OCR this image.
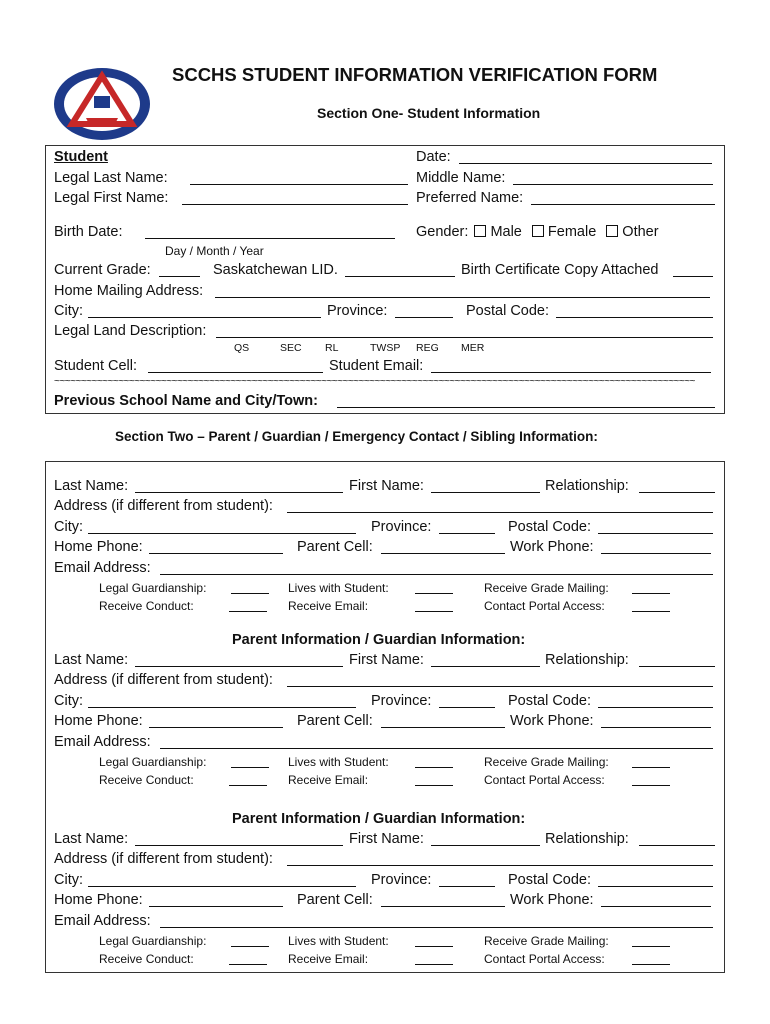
SCCHS STUDENT INFORMATION VERIFICATION FORM
Section One- Student Information
Student	Date:
Legal Last Name:	Middle Name:
Legal First Name:	Preferred Name:
Birth Date:
Day / Month / Year
Gender: Male Female Other
Current Grade:	Saskatchewan LID.	Birth Certificate Copy Attached
Home Mailing Address:
City:	Province:	Postal Code:
Legal Land Description:
QS	SEC RL	TWSP REG MER
Student Cell:	Student Email:
~~~~~~~~~~~~~~~~~~~~~~~~~~~~~~~~~~~~~~~~~~~~~~~~~~~~~~~~~~~~~~~~~~~~~~~~~~~~~~~~~~~~~~~~~~~~~~~~~~~~~~~~~~~~~~~~~~~~~~~~
Previous School Name and City/Town:
Section Two – Parent / Guardian / Emergency Contact / Sibling Information:
Last Name:	First Name:	Relationship:
Address (if different from student):
City:	Province:	Postal Code:
Home Phone:	Parent Cell:	Work Phone:
Email Address:
Legal Guardianship:	Lives with Student:	Receive Grade Mailing:
Receive Conduct:	Receive Email:	Contact Portal Access:
Parent Information / Guardian Information:
Last Name:	First Name:	Relationship:
Address (if different from student):
City:	Province:	Postal Code:
Home Phone:	Parent Cell:	Work Phone:
Email Address:
Legal Guardianship:	Lives with Student:	Receive Grade Mailing:
Receive Conduct:	Receive Email:	Contact Portal Access:
Parent Information / Guardian Information:
Last Name:	First Name:	Relationship:
Address (if different from student):
City:	Province:	Postal Code:
Home Phone:	Parent Cell:	Work Phone:
Email Address:
Legal Guardianship:	Lives with Student:	Receive Grade Mailing:
Receive Conduct:	Receive Email:	Contact Portal Access:
